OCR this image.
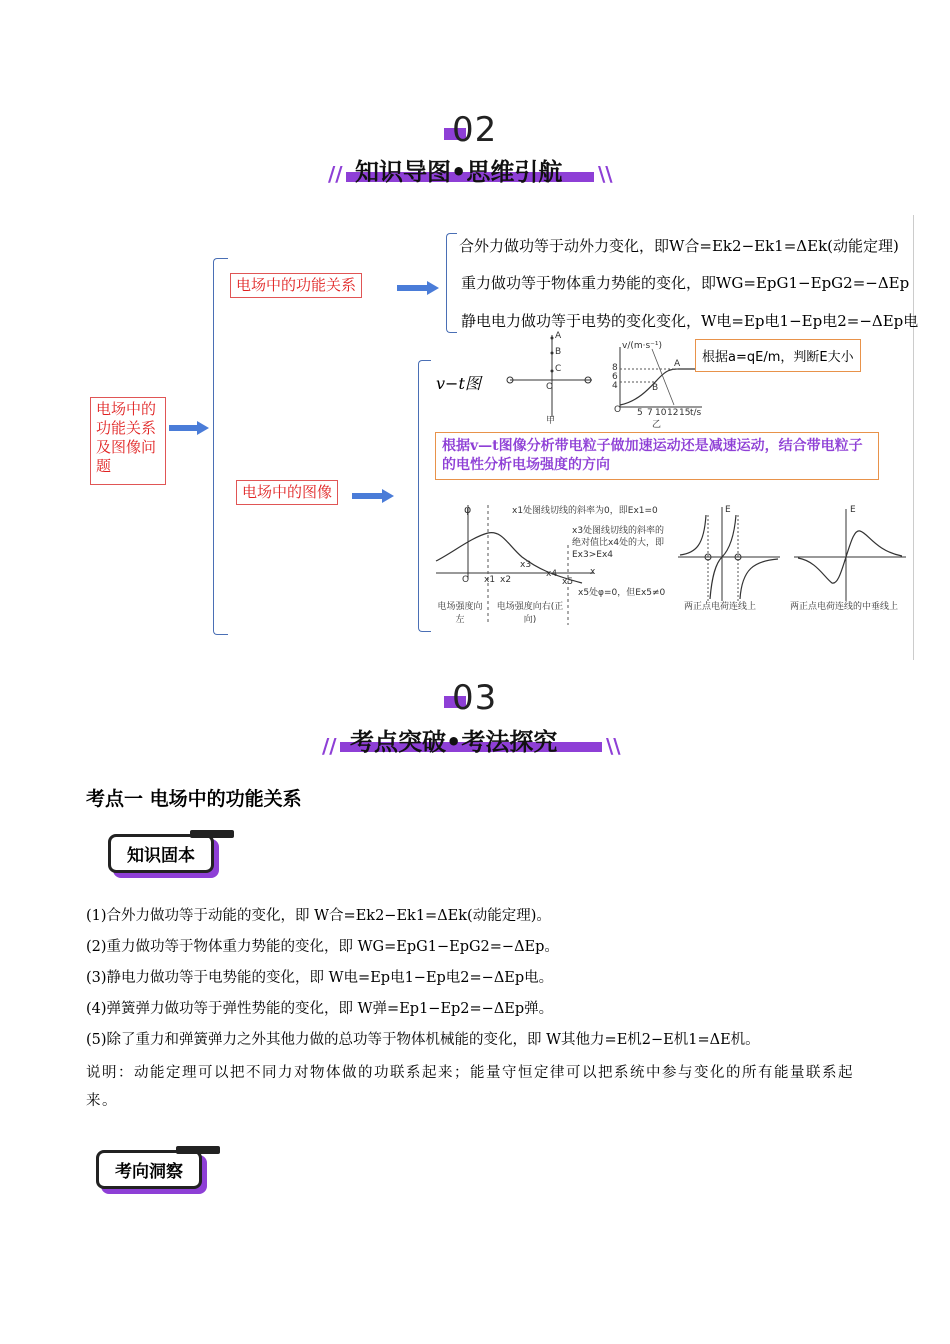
02
// 知识导图•思维引航 \\
电场中的功能关系及图像问题
电场中的功能关系
合外力做功等于动外力变化，即W合=Ek2−Ek1=ΔEk(动能定理)
重力做功等于物体重力势能的变化，即WG=EpG1−EpG2=−ΔEp
静电电力做功等于电势的变化变化，W电=Ep电1−Ep电2=−ΔEp电
电场中的图像
v−t图
A
B
C
O
甲
v/(m·s⁻¹)
8
6
4
A
B
O 5 7 10 12 15 t/s
乙
根据a=qE/m，判断E大小
根据v—t图像分析带电粒子做加速运动还是减速运动，结合带电粒子的电性分析电场强度的方向
φ	x1处图线切线的斜率为0，即Ex1=0
x3处图线切线的斜率的绝对值比x4处的大，即Ex3>Ex4
x5处φ=0，但Ex5≠0
O x1 x2
x3
x4
x5
x
电场强度向左
电场强度向右(正向)
E
两正点电荷连线上
E
两正点电荷连线的中垂线上
03
// 考点突破•考法探究 \\
考点一 电场中的功能关系
知识固本
(1)合外力做功等于动能的变化，即 W合=Ek2−Ek1=ΔEk(动能定理)。
(2)重力做功等于物体重力势能的变化，即 WG=EpG1−EpG2=−ΔEp。
(3)静电力做功等于电势能的变化，即 W电=Ep电1−Ep电2=−ΔEp电。
(4)弹簧弹力做功等于弹性势能的变化，即 W弹=Ep1−Ep2=−ΔEp弹。
(5)除了重力和弹簧弹力之外其他力做的总功等于物体机械能的变化，即 W其他力=E机2−E机1=ΔE机。
说明：动能定理可以把不同力对物体做的功联系起来；能量守恒定律可以把系统中参与变化的所有能量联系起来。
考向洞察
